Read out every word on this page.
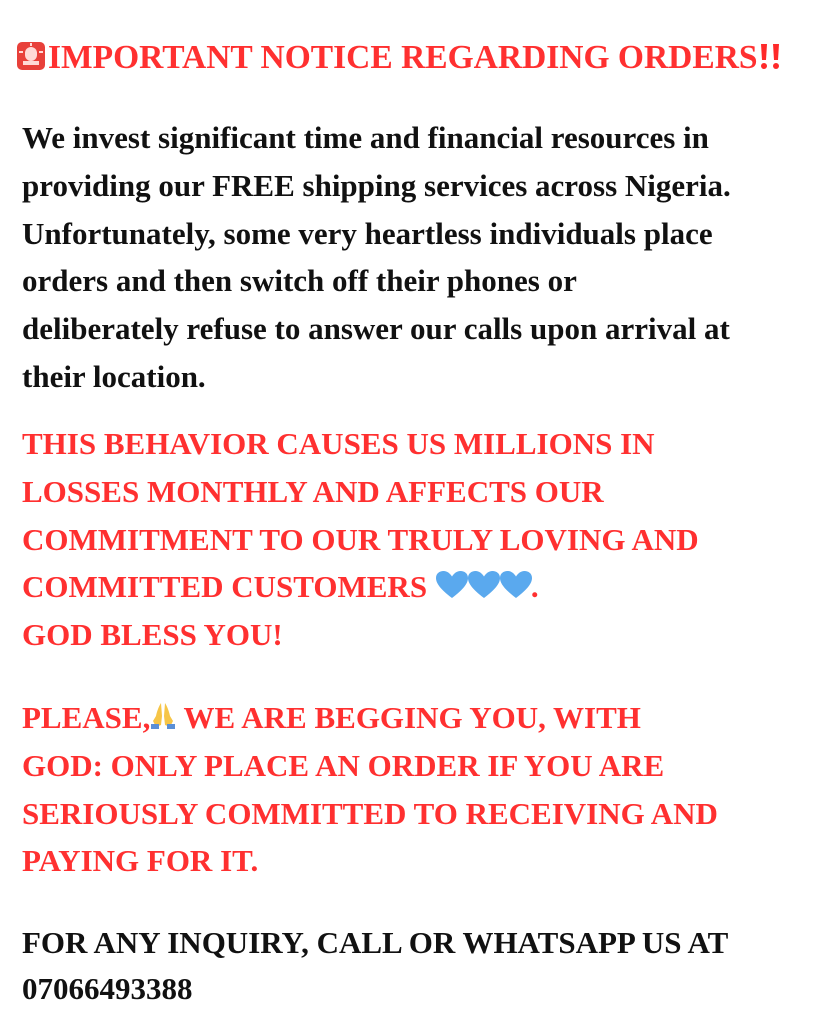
IMPORTANT NOTICE REGARDING ORDERS
We invest significant time and financial resources in
providing our FREE shipping services across Nigeria.
Unfortunately, some very heartless individuals place
orders and then switch off their phones or
deliberately refuse to answer our calls upon arrival at
their location.
THIS BEHAVIOR CAUSES US MILLIONS IN
LOSSES MONTHLY AND AFFECTS OUR
COMMITMENT TO OUR TRULY LOVING AND
COMMITTED CUSTOMERS	.
GOD BLESS YOU!
PLEASE, WE ARE BEGGING YOU, WITH
GOD: ONLY PLACE AN ORDER IF YOU ARE
SERIOUSLY COMMITTED TO RECEIVING AND
PAYING FOR IT.
FOR ANY INQUIRY, CALL OR WHATSAPP US AT
07066493388
